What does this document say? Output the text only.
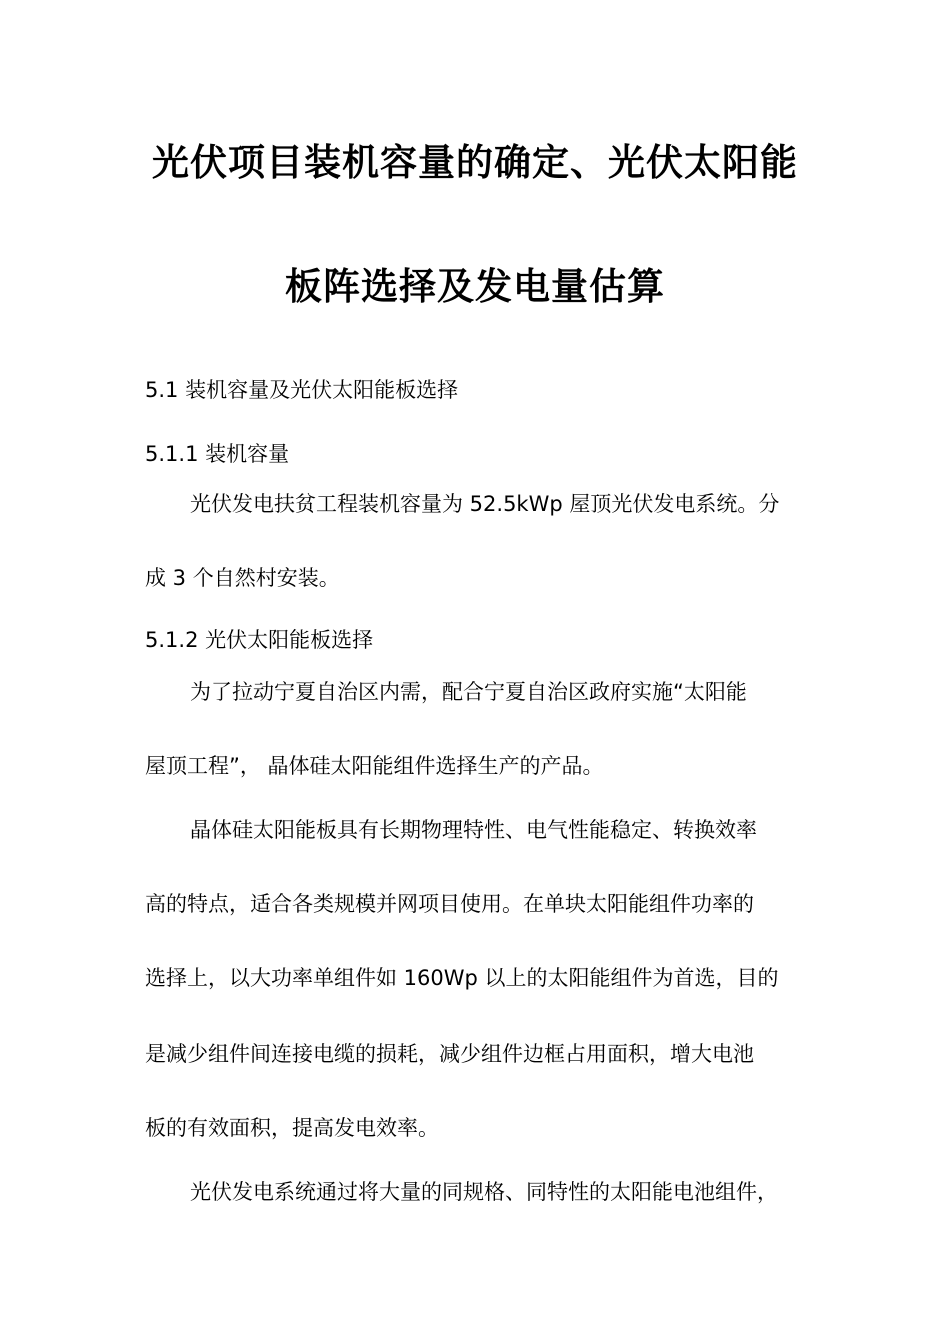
光伏项目装机容量的确定、光伏太阳能
板阵选择及发电量估算
5.1 装机容量及光伏太阳能板选择
5.1.1 装机容量
光伏发电扶贫工程装机容量为 52.5kWp 屋顶光伏发电系统。分
成 3 个自然村安装。
5.1.2 光伏太阳能板选择
为了拉动宁夏自治区内需，配合宁夏自治区政府实施“太阳能
屋顶工程”， 晶体硅太阳能组件选择生产的产品。
晶体硅太阳能板具有长期物理特性、电气性能稳定、转换效率
高的特点，适合各类规模并网项目使用。在单块太阳能组件功率的
选择上，以大功率单组件如 160Wp 以上的太阳能组件为首选，目的
是减少组件间连接电缆的损耗，减少组件边框占用面积，增大电池
板的有效面积，提高发电效率。
光伏发电系统通过将大量的同规格、同特性的太阳能电池组件，
